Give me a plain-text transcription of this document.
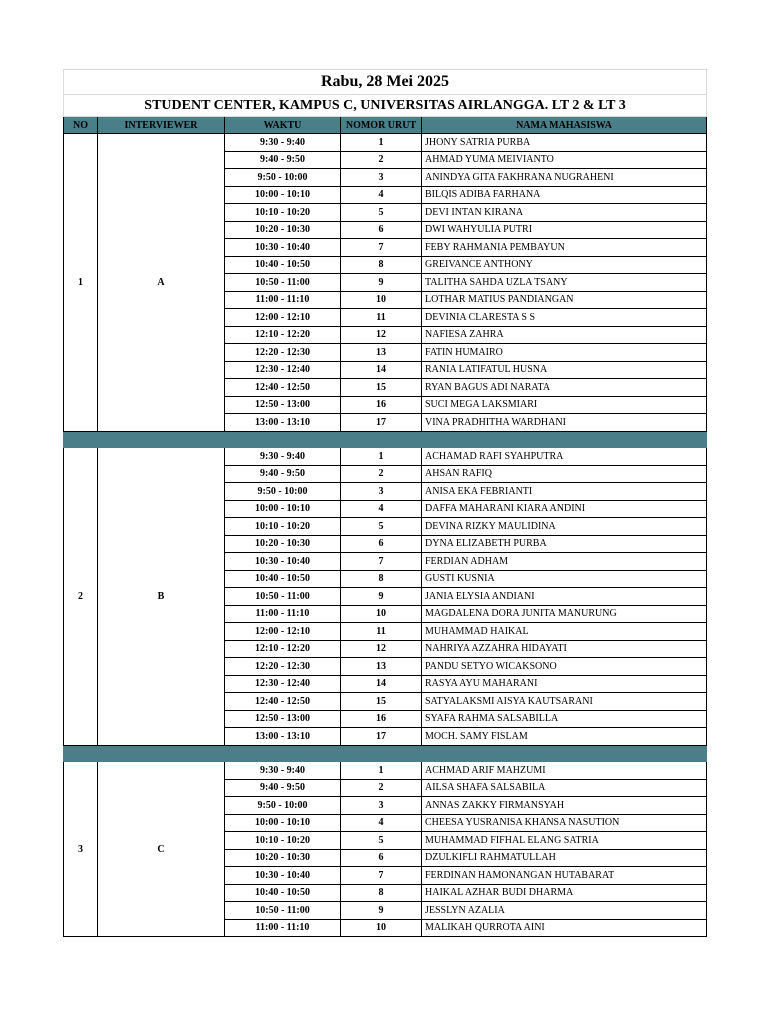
Rabu, 28 Mei 2025				
STUDENT CENTER, KAMPUS C, UNIVERSITAS AIRLANGGA. LT 2 & LT 3				
NO	INTERVIEWER	WAKTU	NOMOR URUT	NAMA MAHASISWA
1	A	9:30 - 9:40	1	JHONY SATRIA PURBA
		9:40 - 9:50	2	AHMAD YUMA MEIVIANTO
		9:50 - 10:00	3	ANINDYA GITA FAKHRANA NUGRAHENI
		10:00 - 10:10	4	BILQIS ADIBA FARHANA
		10:10 - 10:20	5	DEVI INTAN KIRANA
		10:20 - 10:30	6	DWI WAHYULIA PUTRI
		10:30 - 10:40	7	FEBY RAHMANIA PEMBAYUN
		10:40 - 10:50	8	GREIVANCE ANTHONY
		10:50 - 11:00	9	TALITHA SAHDA UZLA TSANY
		11:00 - 11:10	10	LOTHAR MATIUS PANDIANGAN
		12:00 - 12:10	11	DEVINIA CLARESTA S S
		12:10 - 12:20	12	NAFIESA ZAHRA
		12:20 - 12:30	13	FATIN HUMAIRO
		12:30 - 12:40	14	RANIA LATIFATUL HUSNA
		12:40 - 12:50	15	RYAN BAGUS ADI NARATA
		12:50 - 13:00	16	SUCI MEGA LAKSMIARI
		13:00 - 13:10	17	VINA PRADHITHA WARDHANI

2	B	9:30 - 9:40	1	ACHAMAD RAFI SYAHPUTRA
		9:40 - 9:50	2	AHSAN RAFIQ
		9:50 - 10:00	3	ANISA EKA FEBRIANTI
		10:00 - 10:10	4	DAFFA MAHARANI KIARA ANDINI
		10:10 - 10:20	5	DEVINA RIZKY MAULIDINA
		10:20 - 10:30	6	DYNA ELIZABETH PURBA
		10:30 - 10:40	7	FERDIAN ADHAM
		10:40 - 10:50	8	GUSTI KUSNIA
		10:50 - 11:00	9	JANIA ELYSIA ANDIANI
		11:00 - 11:10	10	MAGDALENA DORA JUNITA MANURUNG
		12:00 - 12:10	11	MUHAMMAD HAIKAL
		12:10 - 12:20	12	NAHRIYA AZZAHRA HIDAYATI
		12:20 - 12:30	13	PANDU SETYO WICAKSONO
		12:30 - 12:40	14	RASYA AYU MAHARANI
		12:40 - 12:50	15	SATYALAKSMI AISYA KAUTSARANI
		12:50 - 13:00	16	SYAFA RAHMA SALSABILLA
		13:00 - 13:10	17	MOCH. SAMY FISLAM

3	C	9:30 - 9:40	1	ACHMAD ARIF MAHZUMI
		9:40 - 9:50	2	AILSA SHAFA SALSABILA
		9:50 - 10:00	3	ANNAS ZAKKY FIRMANSYAH
		10:00 - 10:10	4	CHEESA YUSRANISA KHANSA NASUTION
		10:10 - 10:20	5	MUHAMMAD FIFHAL ELANG SATRIA
		10:20 - 10:30	6	DZULKIFLI RAHMATULLAH
		10:30 - 10:40	7	FERDINAN HAMONANGAN HUTABARAT
		10:40 - 10:50	8	HAIKAL AZHAR BUDI DHARMA
		10:50 - 11:00	9	JESSLYN AZALIA
		11:00 - 11:10	10	MALIKAH QURROTA AINI
